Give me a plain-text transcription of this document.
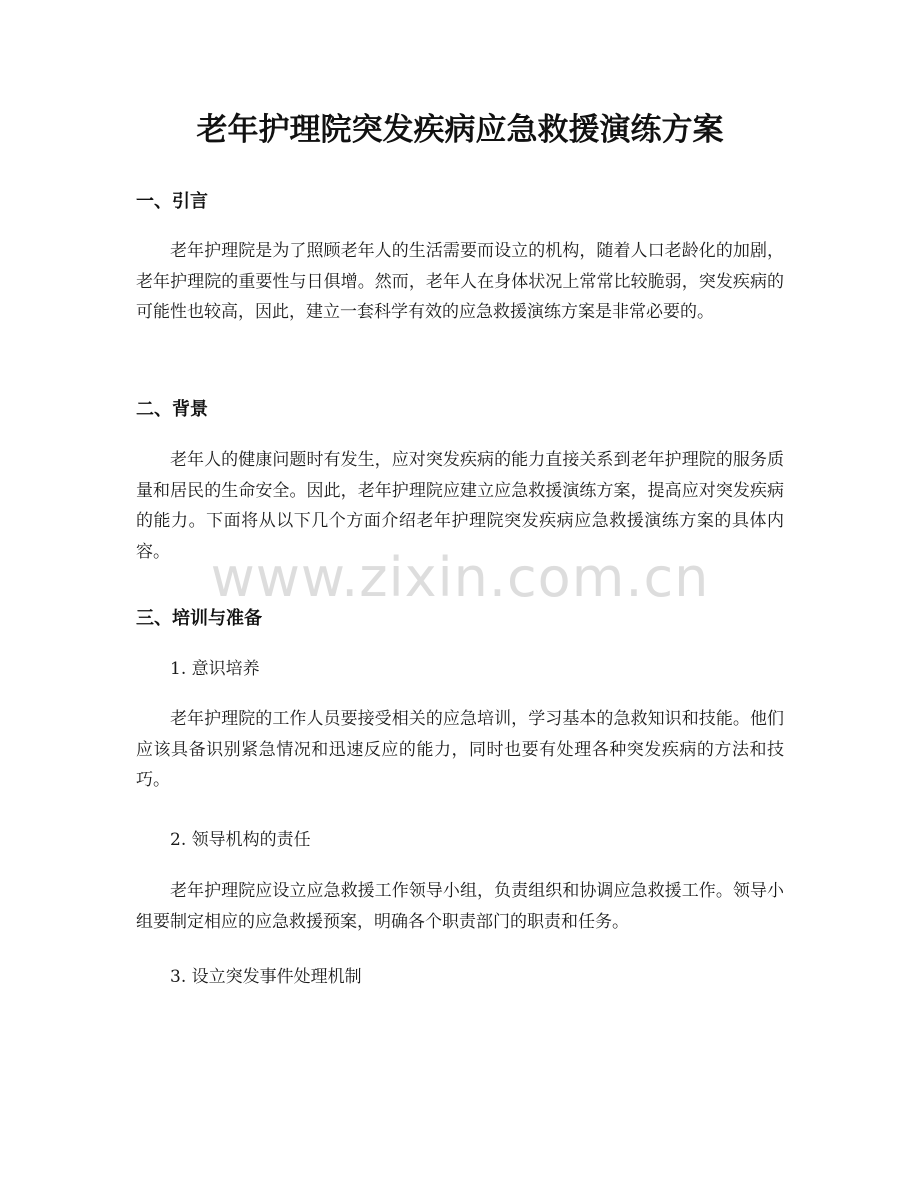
老年护理院突发疾病应急救援演练方案
一、引言

老年护理院是为了照顾老年人的生活需要而设立的机构，随着人口老龄化的加剧，老年护理院的重要性与日俱增。然而，老年人在身体状况上常常比较脆弱，突发疾病的可能性也较高，因此，建立一套科学有效的应急救援演练方案是非常必要的。

二、背景

老年人的健康问题时有发生，应对突发疾病的能力直接关系到老年护理院的服务质量和居民的生命安全。因此，老年护理院应建立应急救援演练方案，提高应对突发疾病的能力。下面将从以下几个方面介绍老年护理院突发疾病应急救援演练方案的具体内容。

三、培训与准备

1. 意识培养

老年护理院的工作人员要接受相关的应急培训，学习基本的急救知识和技能。他们应该具备识别紧急情况和迅速反应的能力，同时也要有处理各种突发疾病的方法和技巧。

2. 领导机构的责任

老年护理院应设立应急救援工作领导小组，负责组织和协调应急救援工作。领导小组要制定相应的应急救援预案，明确各个职责部门的职责和任务。

3. 设立突发事件处理机制

www.zixin.com.cn
